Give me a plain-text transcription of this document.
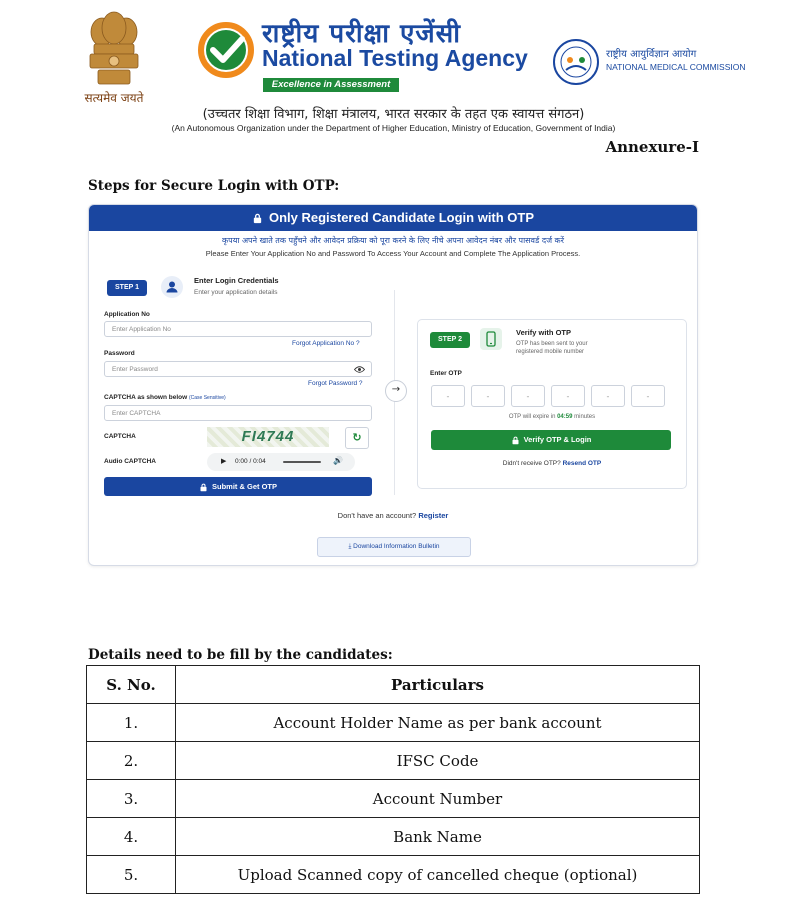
सत्यमेव जयते
राष्ट्रीय परीक्षा एजेंसी
National Testing Agency
Excellence in Assessment
राष्ट्रीय आयुर्विज्ञान आयोग
NATIONAL MEDICAL COMMISSION
(उच्चतर शिक्षा विभाग, शिक्षा मंत्रालय, भारत सरकार के तहत एक स्वायत्त संगठन)
(An Autonomous Organization under the Department of Higher Education, Ministry of Education, Government of India)
Annexure-I
Steps for Secure Login with OTP:
Only Registered Candidate Login with OTP
कृपया अपने खाते तक पहुँचने और आवेदन प्रक्रिया को पूरा करने के लिए नीचे अपना आवेदन नंबर और पासवर्ड दर्ज करें
Please Enter Your Application No and Password To Access Your Account and Complete The Application Process.
STEP 1
Enter Login Credentials
Enter your application details
Application No
Enter Application No
Forgot Application No ?
Password
Enter Password
Forgot Password ?
CAPTCHA as shown below (Case Sensitive)
Enter CAPTCHA
CAPTCHA	FI4744	↻
Audio CAPTCHA	▶ 0:00 / 0:04	🔊
Submit & Get OTP
→
STEP 2
Verify with OTP
OTP has been sent to your
registered mobile number
Enter OTP
-	-	-	-	-	-
OTP will expire in 04:59 minutes
Verify OTP & Login
Didn't receive OTP? Resend OTP
Don't have an account? Register
⤓ Download Information Bulletin
Details need to be fill by the candidates:
S. No.	Particulars
1.	Account Holder Name as per bank account
2.	IFSC Code
3.	Account Number
4.	Bank Name
5.	Upload Scanned copy of cancelled cheque (optional)
